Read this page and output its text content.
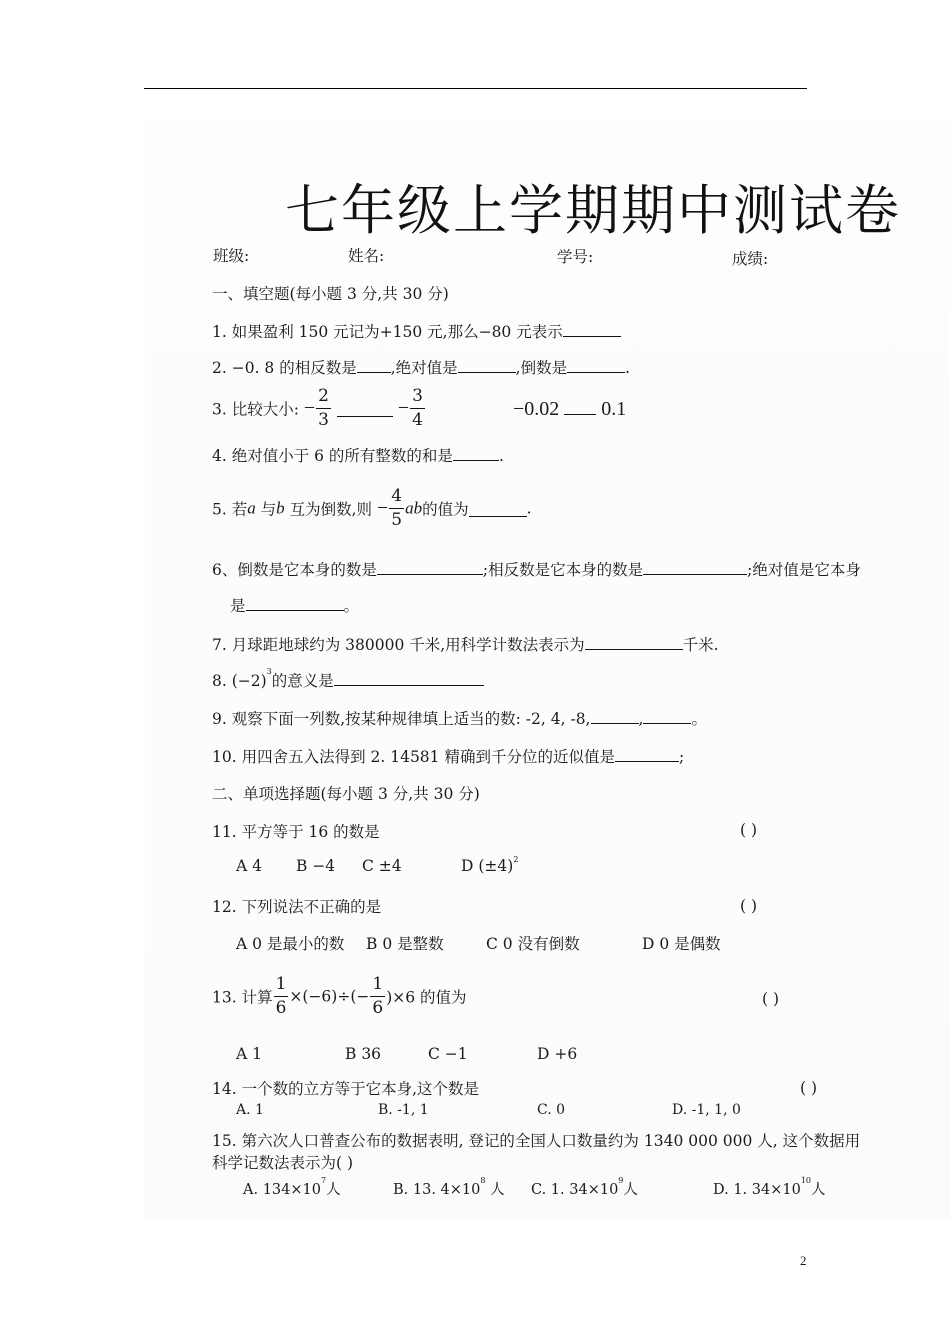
七年级上学期期中测试卷
班级:	姓名:	学号:	成绩:
一、填空题(每小题 3 分,共 30 分)
1. 如果盈利 150 元记为+150 元,那么−80 元表示
2. −0. 8 的相反数是 ,绝对值是	,倒数是	.
3. 比较大小: − $\frac{2}{3}$	− $\frac{3}{4}$	−0.02 0.1
4. 绝对值小于 6 的所有整数的和是	.
5. 若a 与b 互为倒数,则 − $\frac{4}{5}$ ab的值为	.
6、倒数是它本身的数是	;相反数是它本身的数是	;绝对值是它本身
是	。
7. 月球距地球约为 380000 千米,用科学计数法表示为	千米.
8. $(-2)^3$的意义是
9. 观察下面一列数,按某种规律填上适当的数: -2, 4, -8,	,	。
10. 用四舍五入法得到 2. 14581 精确到千分位的近似值是	;
二、单项选择题(每小题 3 分,共 30 分)
11. 平方等于 16 的数是	( )
A 4 B −4 C ±4	D $(\pm 4)^2$
12. 下列说法不正确的是	( )
A 0 是最小的数 B 0 是整数	C 0 没有倒数	D 0 是偶数
13. 计算 $\frac{1}{6} \times(-6)\div(- \frac{1}{6} )\times 6$ 的值为	( )
A 1	B 36	C −1	D +6
14. 一个数的立方等于它本身,这个数是	( )
A. 1	B. -1, 1	C. 0	D. -1, 1, 0
15. 第六次人口普查公布的数据表明, 登记的全国人口数量约为 1340 000 000 人, 这个数据用
科学记数法表示为( )
A. $134\times 10^7$人	B. 13. $4\times 10^8$ 人 C. 1. $34\times 10^9$人	D. 1. $34\times 10^{10}$人
2
